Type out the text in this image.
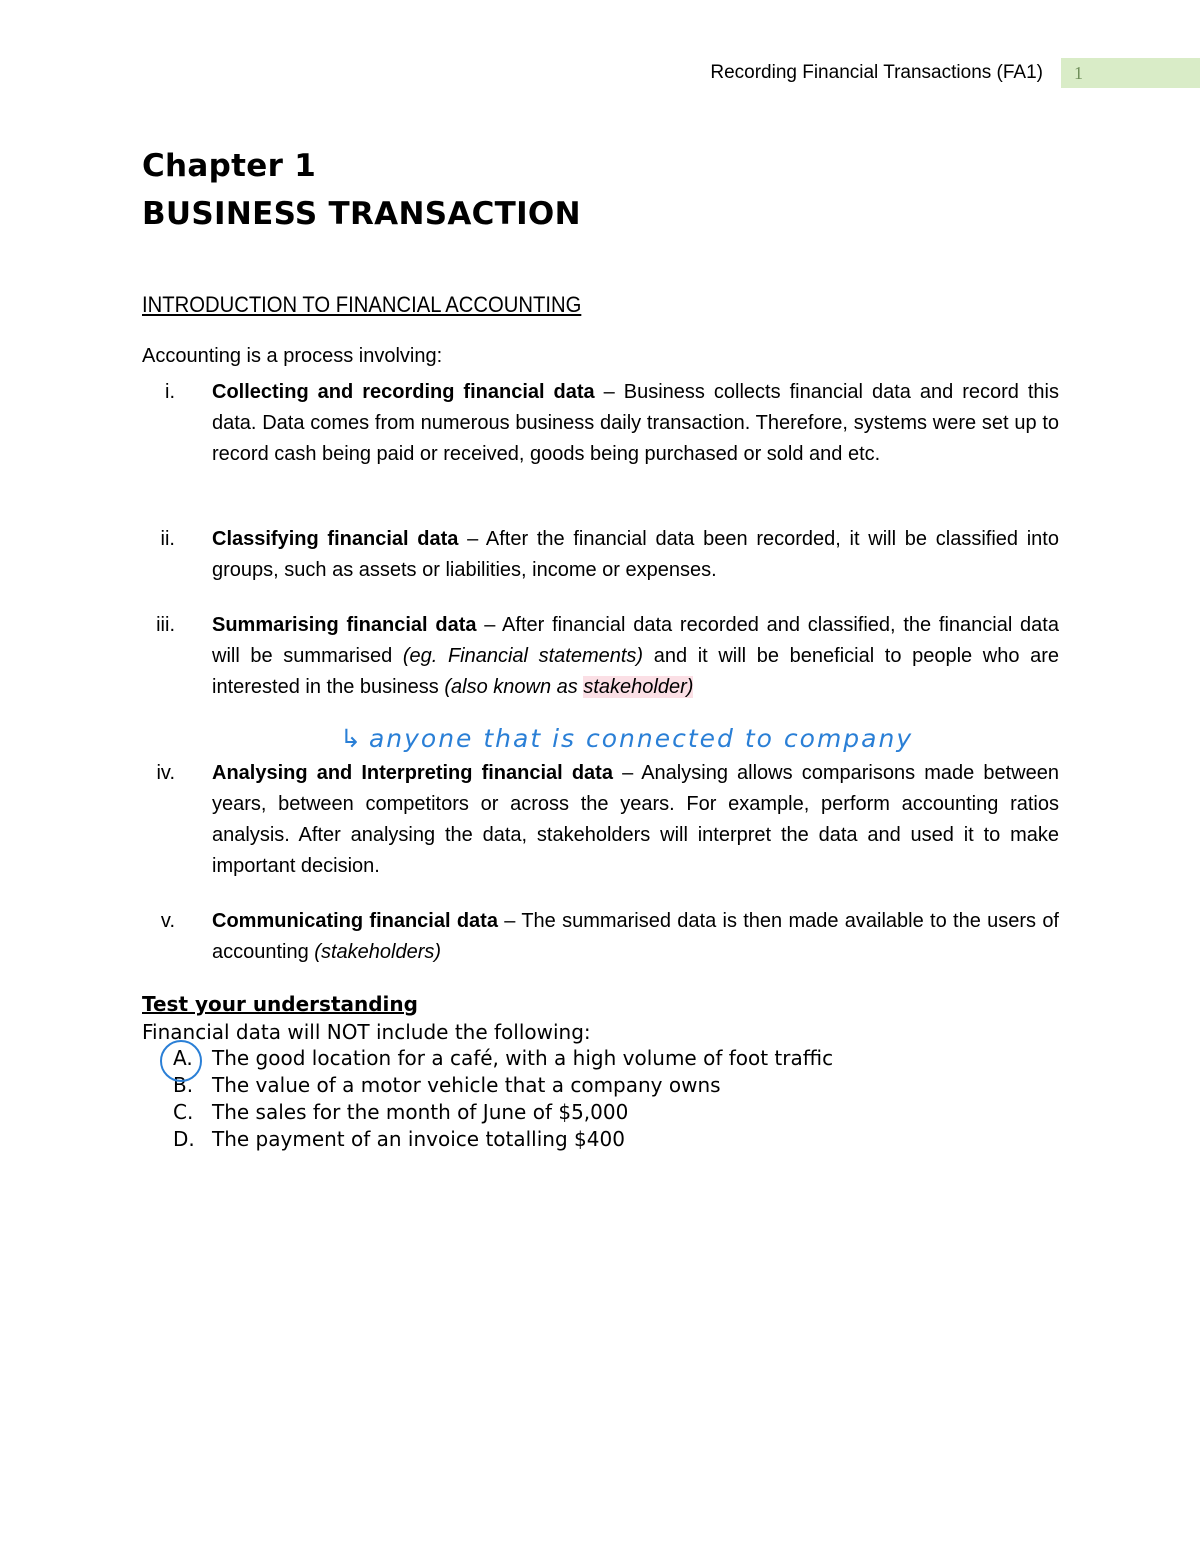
Recording Financial Transactions (FA1) 1
Chapter 1
BUSINESS TRANSACTION
INTRODUCTION TO FINANCIAL ACCOUNTING
Accounting is a process involving:
i. Collecting and recording financial data – Business collects financial data and record this data. Data comes from numerous business daily transaction. Therefore, systems were set up to record cash being paid or received, goods being purchased or sold and etc.
ii. Classifying financial data – After the financial data been recorded, it will be classified into groups, such as assets or liabilities, income or expenses.
iii. Summarising financial data – After financial data recorded and classified, the financial data will be summarised (eg. Financial statements) and it will be beneficial to people who are interested in the business (also known as stakeholder)
↳ anyone that is connected to company
iv. Analysing and Interpreting financial data – Analysing allows comparisons made between years, between competitors or across the years. For example, perform accounting ratios analysis. After analysing the data, stakeholders will interpret the data and used it to make important decision.
v. Communicating financial data – The summarised data is then made available to the users of accounting (stakeholders)
Test your understanding
Financial data will NOT include the following:
A. The good location for a café, with a high volume of foot traffic
B. The value of a motor vehicle that a company owns
C. The sales for the month of June of $5,000
D. The payment of an invoice totalling $400
